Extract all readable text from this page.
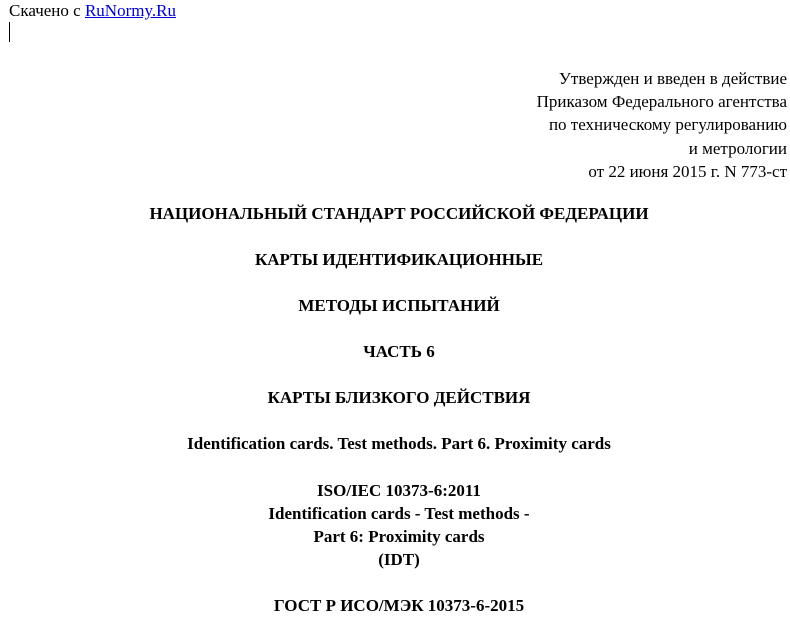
Скачено с RuNormy.Ru
Утвержден и введен в действие
Приказом Федерального агентства
по техническому регулированию
и метрологии
от 22 июня 2015 г. N 773-ст
НАЦИОНАЛЬНЫЙ СТАНДАРТ РОССИЙСКОЙ ФЕДЕРАЦИИ
КАРТЫ ИДЕНТИФИКАЦИОННЫЕ
МЕТОДЫ ИСПЫТАНИЙ
ЧАСТЬ 6
КАРТЫ БЛИЗКОГО ДЕЙСТВИЯ
Identification cards. Test methods. Part 6. Proximity cards
ISO/IEC 10373-6:2011
Identification cards - Test methods -
Part 6: Proximity cards
(IDT)
ГОСТ Р ИСО/МЭК 10373-6-2015
